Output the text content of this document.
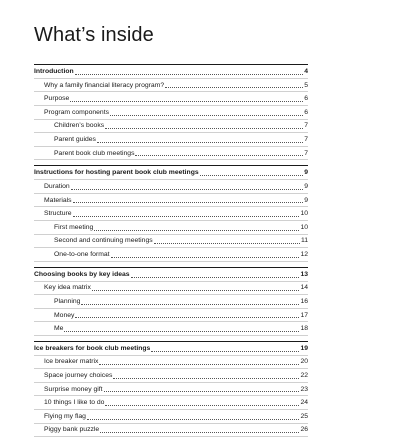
What’s inside
Introduction	4
Why a family financial literacy program?	5
Purpose	6
Program components	6
Children’s books	7
Parent guides	7
Parent book club meetings	7
Instructions for hosting parent book club meetings	9
Duration	9
Materials	9
Structure	10
First meeting	10
Second and continuing meetings	11
One-to-one format	12
Choosing books by key ideas	13
Key idea matrix	14
Planning	16
Money	17
Me	18
Ice breakers for book club meetings	19
Ice breaker matrix	20
Space journey choices	22
Surprise money gift	23
10 things I like to do	24
Flying my flag	25
Piggy bank puzzle	26
